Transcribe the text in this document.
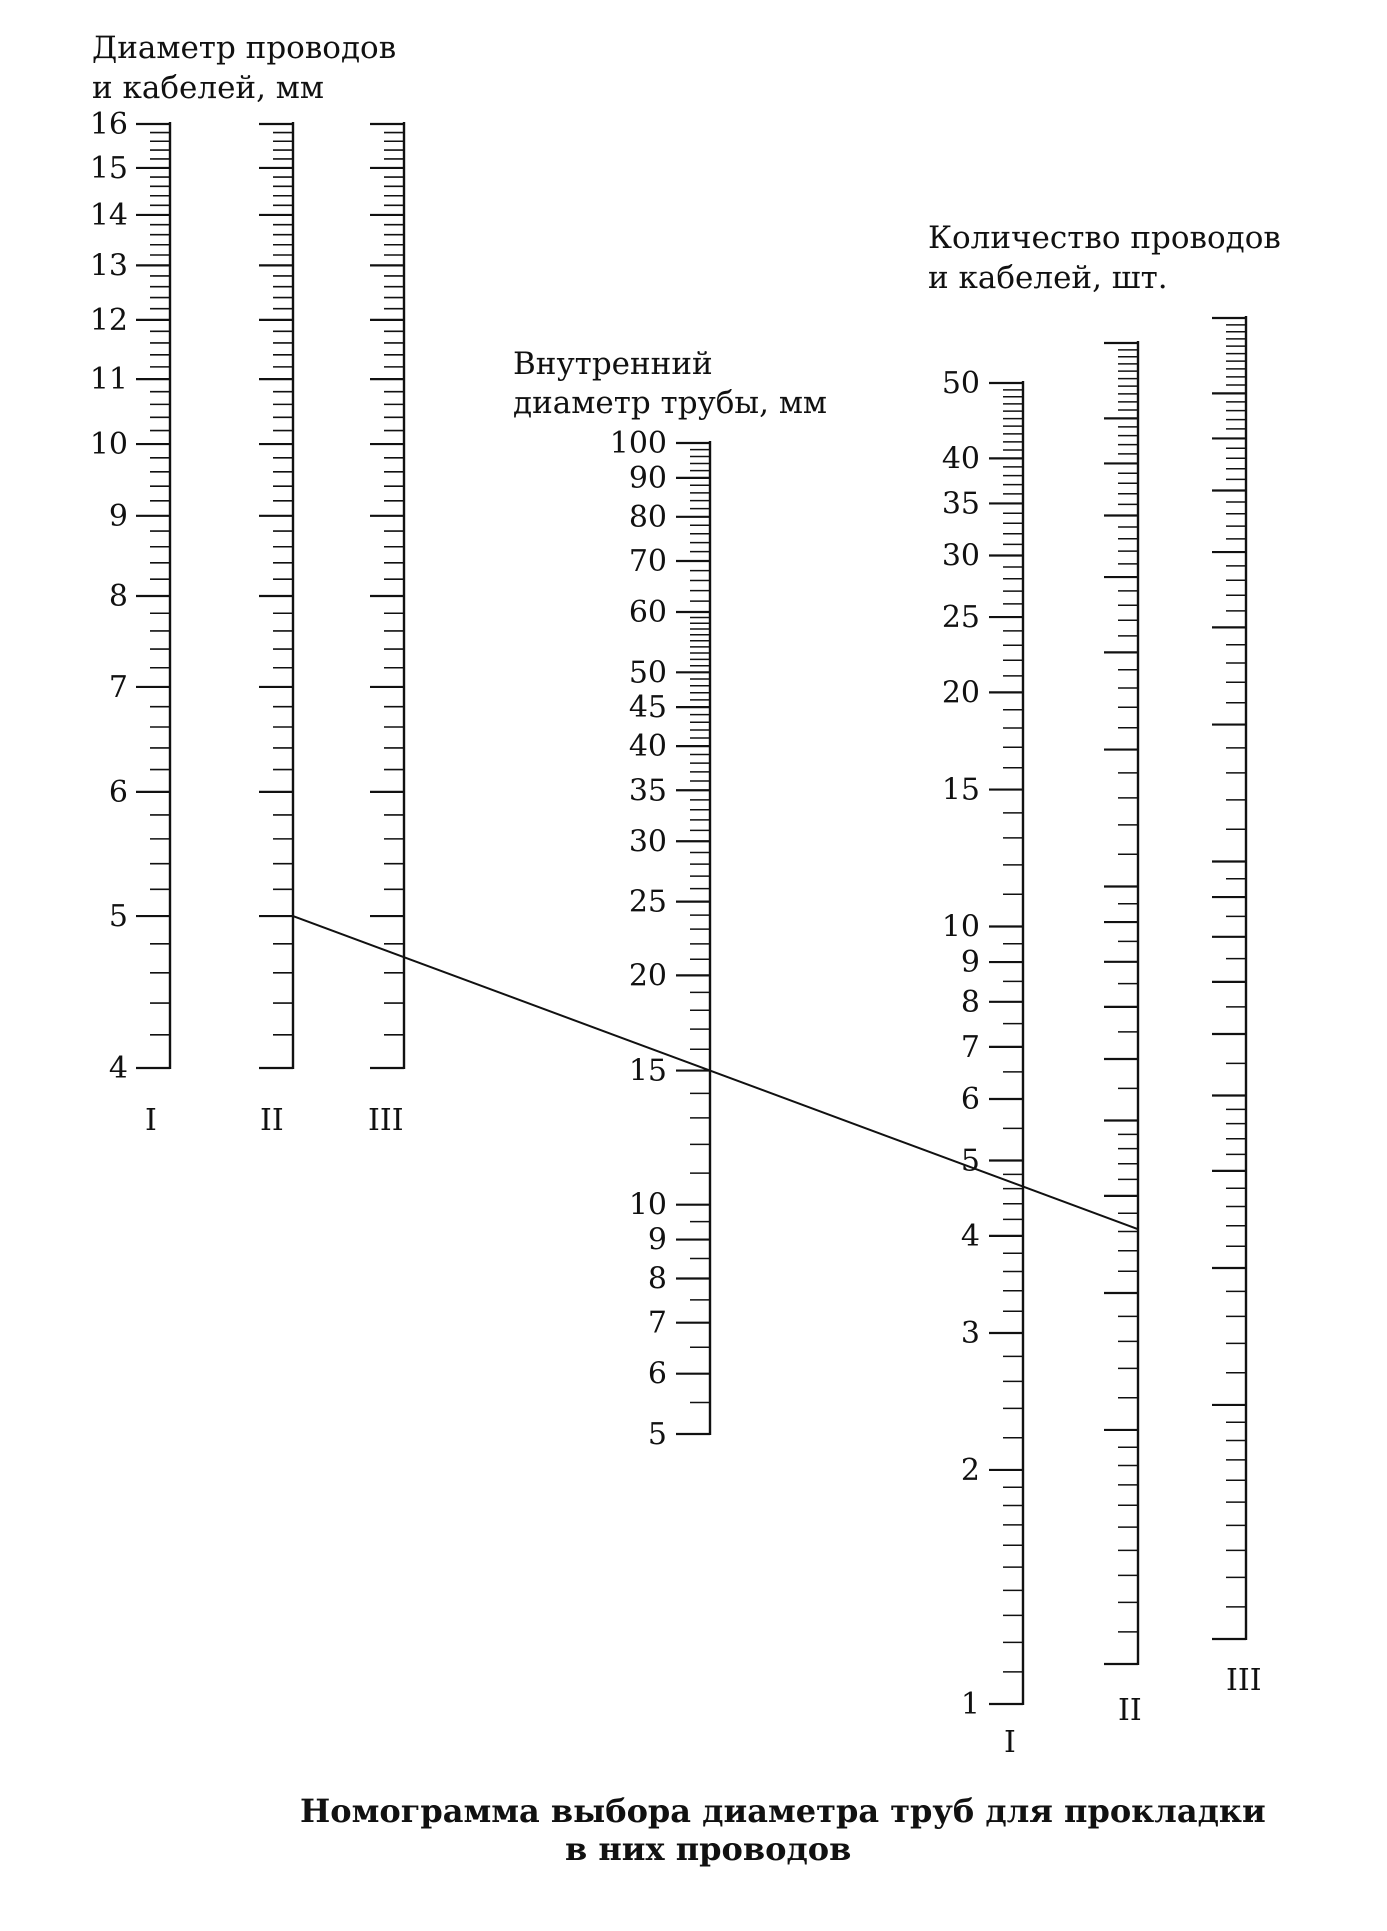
Диаметр проводов
и кабелей, мм
Внутренний
диаметр трубы, мм
Количество проводов
и кабелей, шт.
16
15
14
13
12
11
10
9
8
7
6
5
4
100
90
80
70
60
50
45
40
35
30
25
20
15
10
9
8
7
6
5
50
40
35
30
25
20
15
10
9
8
7
6
5
4
3
2
1
I	II	III
I
II
III
Номограмма выбора диаметра труб для прокладки
в них проводов
